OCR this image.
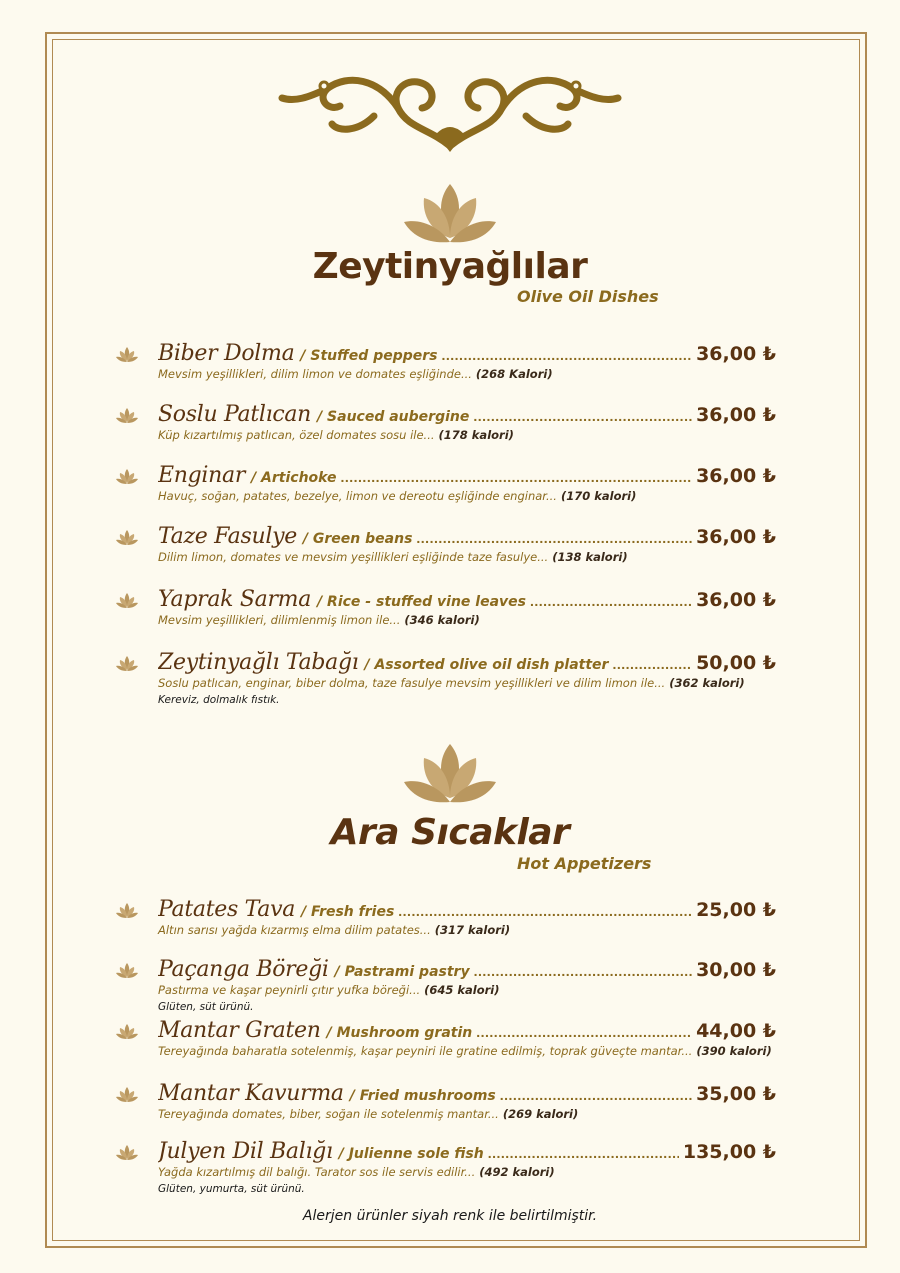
Zeytinyağlılar
Olive Oil Dishes
Ara Sıcaklar
Hot Appetizers
Biber Dolma / Stuffed peppers .....	36,00 ₺
Mevsim yeşillikleri, dilim limon ve domates eşliğinde... (268 Kalori)
Soslu Patlıcan / Sauced aubergine .....	36,00 ₺
Küp kızartılmış patlıcan, özel domates sosu ile... (178 kalori)
Enginar / Artichoke .....	36,00 ₺
Havuç, soğan, patates, bezelye, limon ve dereotu eşliğinde enginar... (170 kalori)
Taze Fasulye / Green beans .....	36,00 ₺
Dilim limon, domates ve mevsim yeşillikleri eşliğinde taze fasulye... (138 kalori)
Yaprak Sarma / Rice - stuffed vine leaves .....	36,00 ₺
Mevsim yeşillikleri, dilimlenmiş limon ile... (346 kalori)
Zeytinyağlı Tabağı / Assorted olive oil dish platter .....	50,00 ₺
Soslu patlıcan, enginar, biber dolma, taze fasulye mevsim yeşillikleri ve dilim limon ile... (362 kalori)
Kereviz, dolmalık fıstık.
Patates Tava / Fresh fries .....	25,00 ₺
Altın sarısı yağda kızarmış elma dilim patates... (317 kalori)
Paçanga Böreği / Pastrami pastry .....	30,00 ₺
Pastırma ve kaşar peynirli çıtır yufka böreği... (645 kalori)
Glüten, süt ürünü.
Mantar Graten / Mushroom gratin .....	44,00 ₺
Tereyağında baharatla sotelenmiş, kaşar peyniri ile gratine edilmiş, toprak güveçte mantar... (390 kalori)
Mantar Kavurma / Fried mushrooms .....	35,00 ₺
Tereyağında domates, biber, soğan ile sotelenmiş mantar... (269 kalori)
Julyen Dil Balığı / Julienne sole fish .....	135,00 ₺
Yağda kızartılmış dil balığı. Tarator sos ile servis edilir... (492 kalori)
Glüten, yumurta, süt ürünü.
Alerjen ürünler siyah renk ile belirtilmiştir.
